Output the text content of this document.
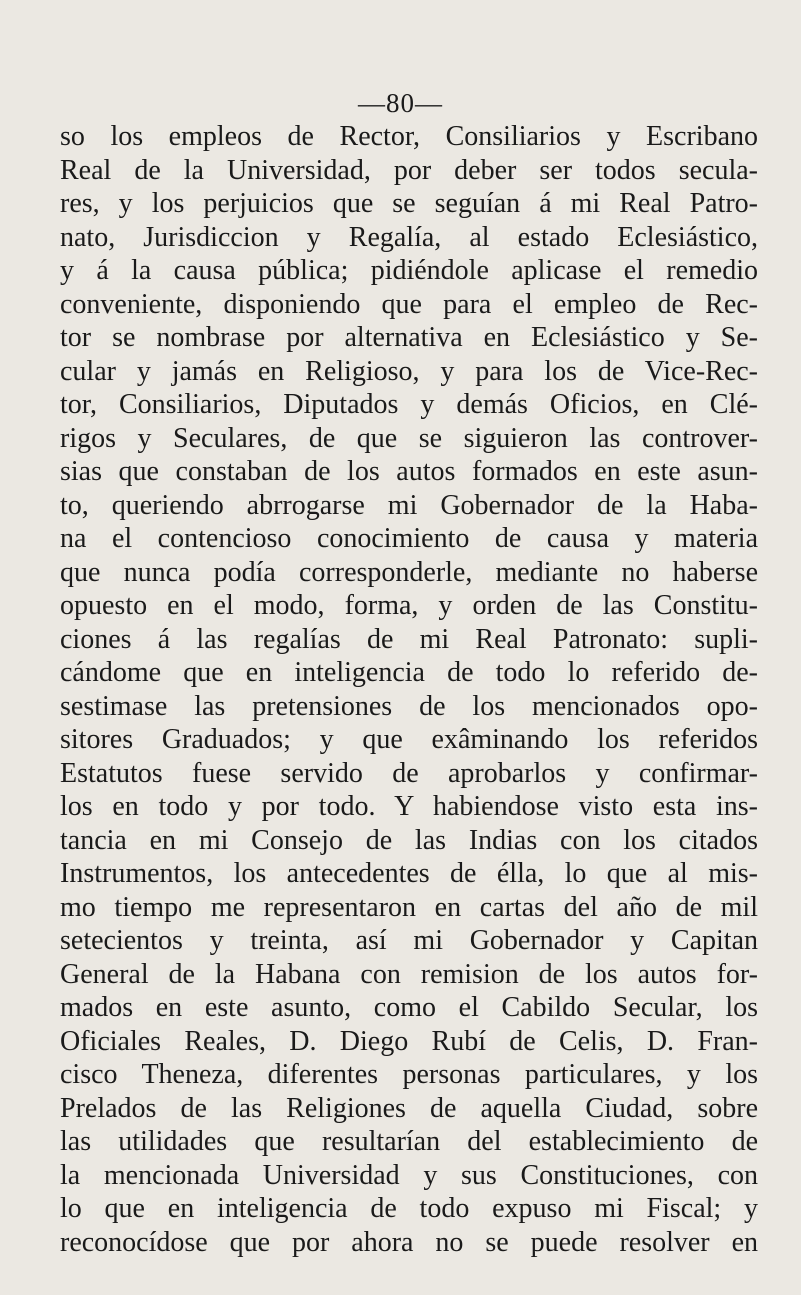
—80—
so los empleos de Rector, Consiliarios y Escribano
Real de la Universidad, por deber ser todos secula-
res, y los perjuicios que se seguían á mi Real Patro-
nato, Jurisdiccion y Regalía, al estado Eclesiástico,
y á la causa pública; pidiéndole aplicase el remedio
conveniente, disponiendo que para el empleo de Rec-
tor se nombrase por alternativa en Eclesiástico y Se-
cular y jamás en Religioso, y para los de Vice-Rec-
tor, Consiliarios, Diputados y demás Oficios, en Clé-
rigos y Seculares, de que se siguieron las controver-
sias que constaban de los autos formados en este asun-
to, queriendo abrrogarse mi Gobernador de la Haba-
na el contencioso conocimiento de causa y materia
que nunca podía corresponderle, mediante no haberse
opuesto en el modo, forma, y orden de las Constitu-
ciones á las regalías de mi Real Patronato: supli-
cándome que en inteligencia de todo lo referido de-
sestimase las pretensiones de los mencionados opo-
sitores Graduados; y que exâminando los referidos
Estatutos fuese servido de aprobarlos y confirmar-
los en todo y por todo. Y habiendose visto esta ins-
tancia en mi Consejo de las Indias con los citados
Instrumentos, los antecedentes de élla, lo que al mis-
mo tiempo me representaron en cartas del año de mil
setecientos y treinta, así mi Gobernador y Capitan
General de la Habana con remision de los autos for-
mados en este asunto, como el Cabildo Secular, los
Oficiales Reales, D. Diego Rubí de Celis, D. Fran-
cisco Theneza, diferentes personas particulares, y los
Prelados de las Religiones de aquella Ciudad, sobre
las utilidades que resultarían del establecimiento de
la mencionada Universidad y sus Constituciones, con
lo que en inteligencia de todo expuso mi Fiscal; y
reconocídose que por ahora no se puede resolver en
